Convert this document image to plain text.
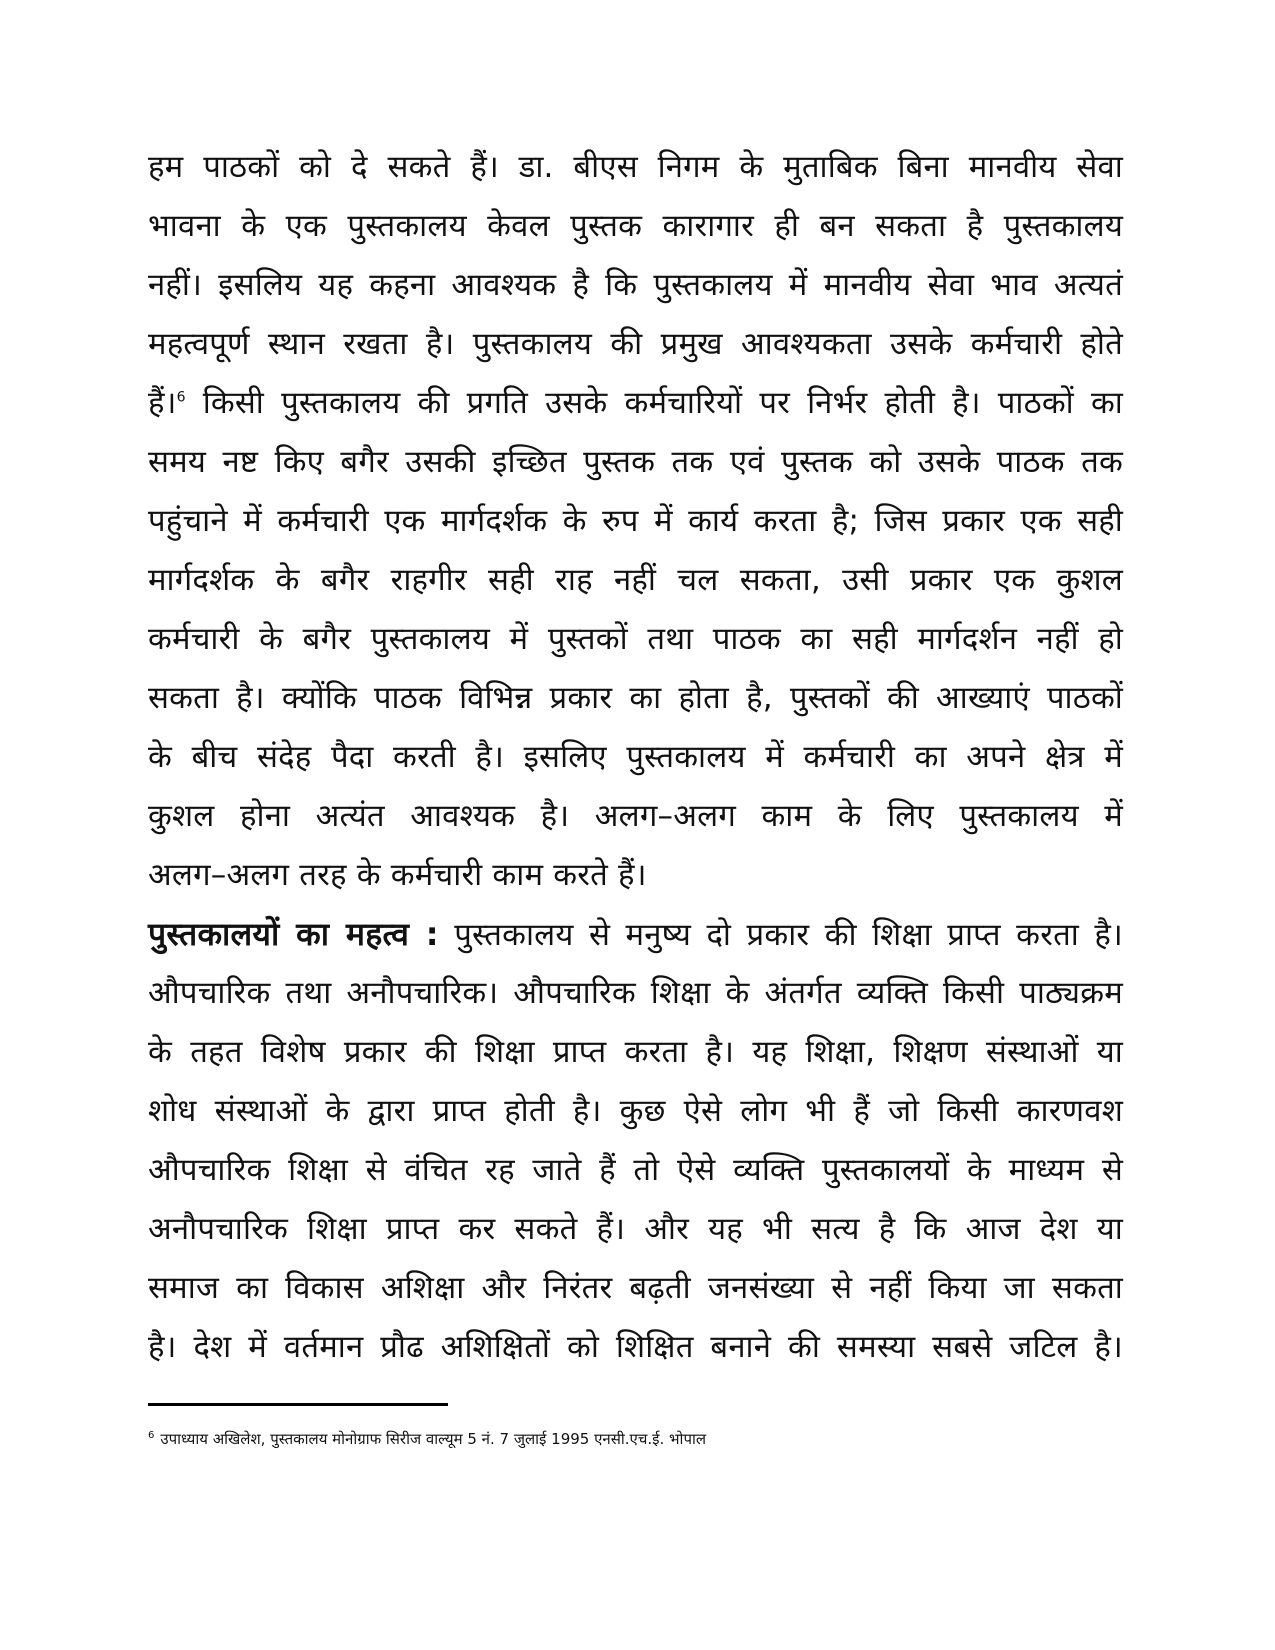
हम पाठकों को दे सकते हैं। डा. बीएस निगम के मुताबिक बिना मानवीय सेवा
भावना के एक पुस्तकालय केवल पुस्तक कारागार ही बन सकता है पुस्तकालय
नहीं। इसलिय यह कहना आवश्यक है कि पुस्तकालय में मानवीय सेवा भाव अत्यतं
महत्वपूर्ण स्थान रखता है। पुस्तकालय की प्रमुख आवश्यकता उसके कर्मचारी होते
हैं।$^6$ किसी पुस्तकालय की प्रगति उसके कर्मचारियों पर निर्भर होती है। पाठकों का
समय नष्ट किए बगैर उसकी इच्छित पुस्तक तक एवं पुस्तक को उसके पाठक तक
पहुंचाने में कर्मचारी एक मार्गदर्शक के रुप में कार्य करता है; जिस प्रकार एक सही
मार्गदर्शक के बगैर राहगीर सही राह नहीं चल सकता, उसी प्रकार एक कुशल
कर्मचारी के बगैर पुस्तकालय में पुस्तकों तथा पाठक का सही मार्गदर्शन नहीं हो
सकता है। क्योंकि पाठक विभिन्न प्रकार का होता है, पुस्तकों की आख्याएं पाठकों
के बीच संदेह पैदा करती है। इसलिए पुस्तकालय में कर्मचारी का अपने क्षेत्र में
कुशल होना अत्यंत आवश्यक है। अलग–अलग काम के लिए पुस्तकालय में
अलग–अलग तरह के कर्मचारी काम करते हैं।
पुस्तकालयों का महत्व : पुस्तकालय से मनुष्य दो प्रकार की शिक्षा प्राप्त करता है।
औपचारिक तथा अनौपचारिक। औपचारिक शिक्षा के अंतर्गत व्यक्ति किसी पाठ्यक्रम
के तहत विशेष प्रकार की शिक्षा प्राप्त करता है। यह शिक्षा, शिक्षण संस्थाओं या
शोध संस्थाओं के द्वारा प्राप्त होती है। कुछ ऐसे लोग भी हैं जो किसी कारणवश
औपचारिक शिक्षा से वंचित रह जाते हैं तो ऐसे व्यक्ति पुस्तकालयों के माध्यम से
अनौपचारिक शिक्षा प्राप्त कर सकते हैं। और यह भी सत्य है कि आज देश या
समाज का विकास अशिक्षा और निरंतर बढ़ती जनसंख्या से नहीं किया जा सकता
है। देश में वर्तमान प्रौढ अशिक्षितों को शिक्षित बनाने की समस्या सबसे जटिल है।
$^6$ उपाध्याय अखिलेश, पुस्तकालय मोनोग्राफ सिरीज वाल्यूम 5 नं. 7 जुलाई 1995 एनसी.एच.ई. भोपाल
